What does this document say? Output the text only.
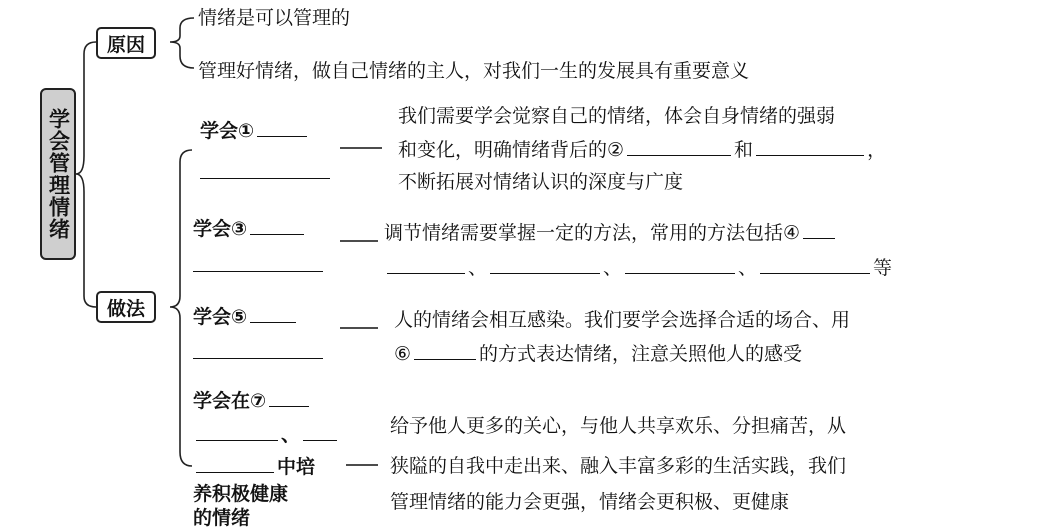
学会管理情绪
原因
做法
情绪是可以管理的
管理好情绪，做自己情绪的主人，对我们一生的发展具有重要意义
学会①
我们需要学会觉察自己的情绪，体会自身情绪的强弱
和变化，明确情绪背后的②	和	，
不断拓展对情绪认识的深度与广度
学会③	调节情绪需要掌握一定的方法，常用的方法包括④
、	、	、	等
学会⑤	人的情绪会相互感染。我们要学会选择合适的场合、用
⑥	的方式表达情绪，注意关照他人的感受
学会在⑦
、
中培
养积极健康
的情绪
给予他人更多的关心，与他人共享欢乐、分担痛苦，从
狭隘的自我中走出来、融入丰富多彩的生活实践，我们
管理情绪的能力会更强，情绪会更积极、更健康
